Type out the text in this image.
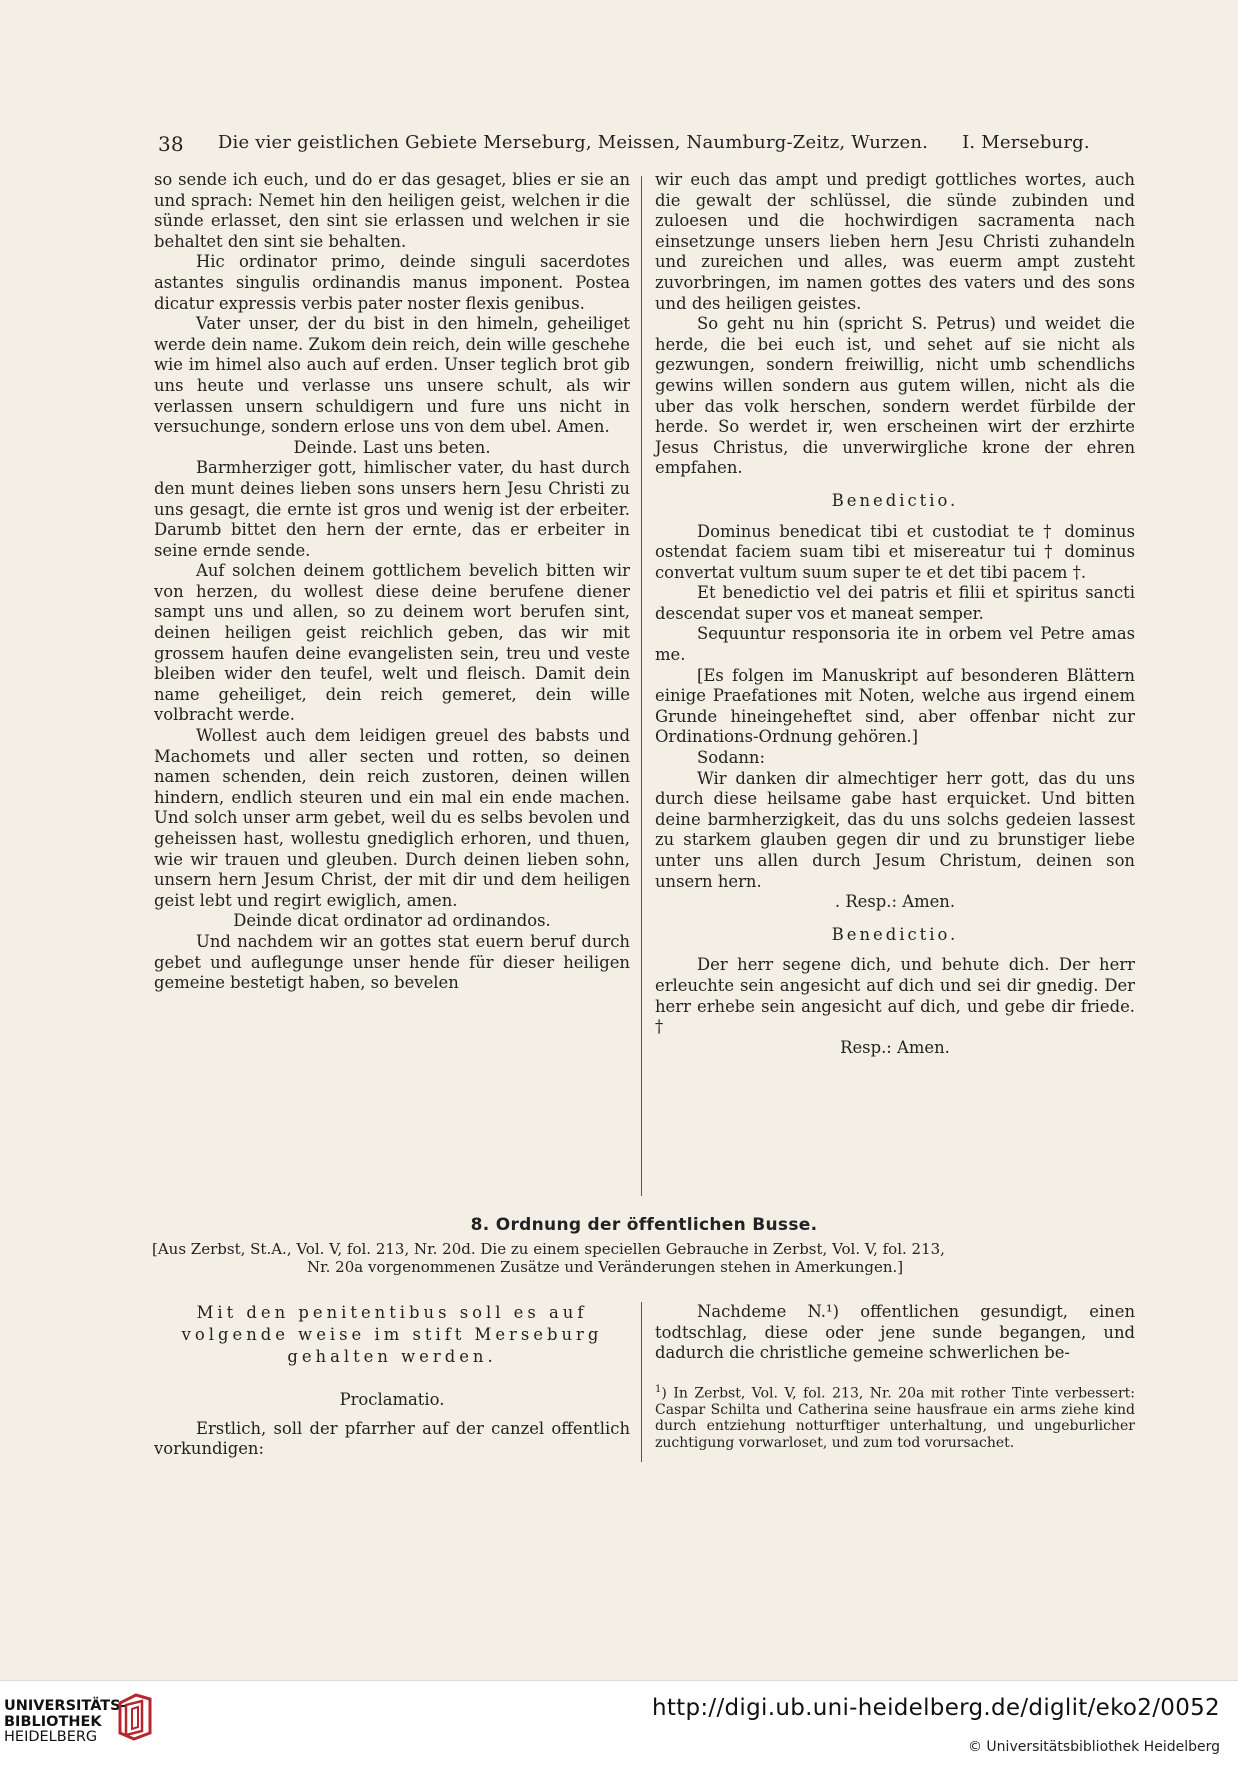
38 Die vier geistlichen Gebiete Merseburg, Meissen, Naumburg-Zeitz, Wurzen. I. Merseburg.

so sende ich euch, und do er das gesaget, blies er sie an und sprach: Nemet hin den heiligen geist, welchen ir die sünde erlasset, den sint sie erlassen und welchen ir sie behaltet den sint sie behalten.

Hic ordinator primo, deinde singuli sacerdotes astantes singulis ordinandis manus imponent. Postea dicatur expressis verbis pater noster flexis genibus.

Vater unser, der du bist in den himeln, geheiliget werde dein name. Zukom dein reich, dein wille geschehe wie im himel also auch auf erden. Unser teglich brot gib uns heute und verlasse uns unsere schult, als wir verlassen unsern schuldigern und fure uns nicht in versuchunge, sondern erlose uns von dem ubel. Amen.

Deinde. Last uns beten.

Barmherziger gott, himlischer vater, du hast durch den munt deines lieben sons unsers hern Jesu Christi zu uns gesagt, die ernte ist gros und wenig ist der erbeiter. Darumb bittet den hern der ernte, das er erbeiter in seine ernde sende.

Auf solchen deinem gottlichem bevelich bitten wir von herzen, du wollest diese deine berufene diener sampt uns und allen, so zu deinem wort berufen sint, deinen heiligen geist reichlich geben, das wir mit grossem haufen deine evangelisten sein, treu und veste bleiben wider den teufel, welt und fleisch. Damit dein name geheiliget, dein reich gemeret, dein wille volbracht werde.

Wollest auch dem leidigen greuel des babsts und Machomets und aller secten und rotten, so deinen namen schenden, dein reich zustoren, deinen willen hindern, endlich steuren und ein mal ein ende machen. Und solch unser arm gebet, weil du es selbs bevolen und geheissen hast, wollestu gnediglich erhoren, und thuen, wie wir trauen und gleuben. Durch deinen lieben sohn, unsern hern Jesum Christ, der mit dir und dem heiligen geist lebt und regirt ewiglich, amen.

Deinde dicat ordinator ad ordinandos.

Und nachdem wir an gottes stat euern beruf durch gebet und auflegunge unser hende für dieser heiligen gemeine bestetigt haben, so bevelen

wir euch das ampt und predigt gottliches wortes, auch die gewalt der schlüssel, die sünde zubinden und zuloesen und die hochwirdigen sacramenta nach einsetzunge unsers lieben hern Jesu Christi zuhandeln und zureichen und alles, was euerm ampt zusteht zuvorbringen, im namen gottes des vaters und des sons und des heiligen geistes.

So geht nu hin (spricht S. Petrus) und weidet die herde, die bei euch ist, und sehet auf sie nicht als gezwungen, sondern freiwillig, nicht umb schendlichs gewins willen sondern aus gutem willen, nicht als die uber das volk herschen, sondern werdet fürbilde der herde. So werdet ir, wen erscheinen wirt der erzhirte Jesus Christus, die unverwirgliche krone der ehren empfahen.

Benedictio.

Dominus benedicat tibi et custodiat te † dominus ostendat faciem suam tibi et misereatur tui † dominus convertat vultum suum super te et det tibi pacem †.

Et benedictio vel dei patris et filii et spiritus sancti descendat super vos et maneat semper.

Sequuntur responsoria ite in orbem vel Petre amas me.

[Es folgen im Manuskript auf besonderen Blättern einige Praefationes mit Noten, welche aus irgend einem Grunde hineingeheftet sind, aber offenbar nicht zur Ordinations-Ordnung gehören.]

Sodann:

Wir danken dir almechtiger herr gott, das du uns durch diese heilsame gabe hast erquicket. Und bitten deine barmherzigkeit, das du uns solchs gedeien lassest zu starkem glauben gegen dir und zu brunstiger liebe unter uns allen durch Jesum Christum, deinen son unsern hern.

. Resp.: Amen.

Benedictio.

Der herr segene dich, und behute dich. Der herr erleuchte sein angesicht auf dich und sei dir gnedig. Der herr erhebe sein angesicht auf dich, und gebe dir friede. †

Resp.: Amen.

8. Ordnung der öffentlichen Busse.
[Aus Zerbst, St.A., Vol. V, fol. 213, Nr. 20d. Die zu einem speciellen Gebrauche in Zerbst, Vol. V, fol. 213,
Nr. 20a vorgenommenen Zusätze und Veränderungen stehen in Amerkungen.]

Mit den penitentibus soll es auf volgende weise im stift Merseburg gehalten werden.

Proclamatio.

Erstlich, soll der pfarrher auf der canzel offentlich vorkundigen:

Nachdeme N.¹) offentlichen gesundigt, einen todtschlag, diese oder jene sunde begangen, und dadurch die christliche gemeine schwerlichen be-

$^1$) In Zerbst, Vol. V, fol. 213, Nr. 20a mit rother Tinte verbessert: Caspar Schilta und Catherina seine hausfraue ein arms ziehe kind durch entziehung notturftiger unterhaltung, und ungeburlicher zuchtigung vorwarloset, und zum tod vorursachet.
UNIVERSITÄTS-
BIBLIOTHEK
HEIDELBERG
http://digi.ub.uni-heidelberg.de/diglit/eko2/0052
© Universitätsbibliothek Heidelberg
